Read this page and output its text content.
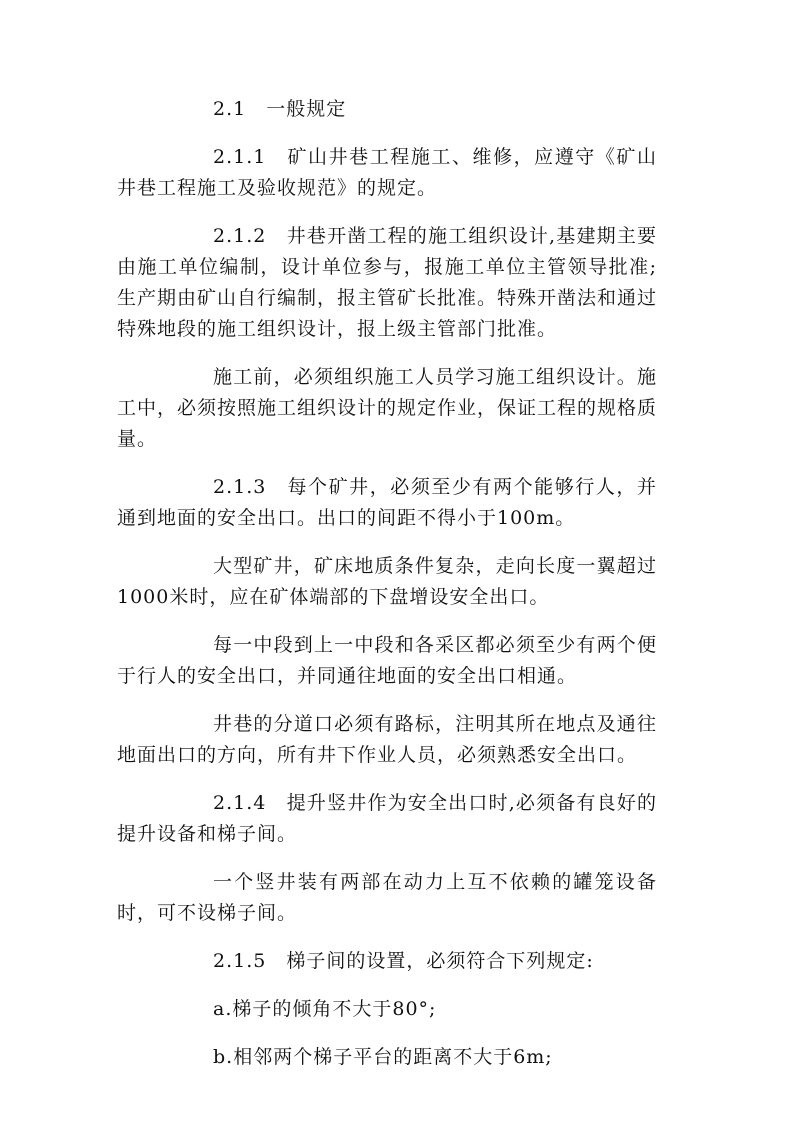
2.1　一般规定

2.1.1　矿山井巷工程施工、维修，应遵守《矿山井巷工程施工及验收规范》的规定。

2.1.2　井巷开凿工程的施工组织设计,基建期主要由施工单位编制，设计单位参与，报施工单位主管领导批准;生产期由矿山自行编制，报主管矿长批准。特殊开凿法和通过特殊地段的施工组织设计，报上级主管部门批准。

施工前，必须组织施工人员学习施工组织设计。施工中，必须按照施工组织设计的规定作业，保证工程的规格质量。

2.1.3　每个矿井，必须至少有两个能够行人，并通到地面的安全出口。出口的间距不得小于100m。

大型矿井，矿床地质条件复杂，走向长度一翼超过1000米时，应在矿体端部的下盘增设安全出口。

每一中段到上一中段和各采区都必须至少有两个便于行人的安全出口，并同通往地面的安全出口相通。

井巷的分道口必须有路标，注明其所在地点及通往地面出口的方向，所有井下作业人员，必须熟悉安全出口。

2.1.4　提升竖井作为安全出口时,必须备有良好的提升设备和梯子间。

一个竖井装有两部在动力上互不依赖的罐笼设备时，可不设梯子间。

2.1.5　梯子间的设置，必须符合下列规定:

a.梯子的倾角不大于80°;

b.相邻两个梯子平台的距离不大于6m;
